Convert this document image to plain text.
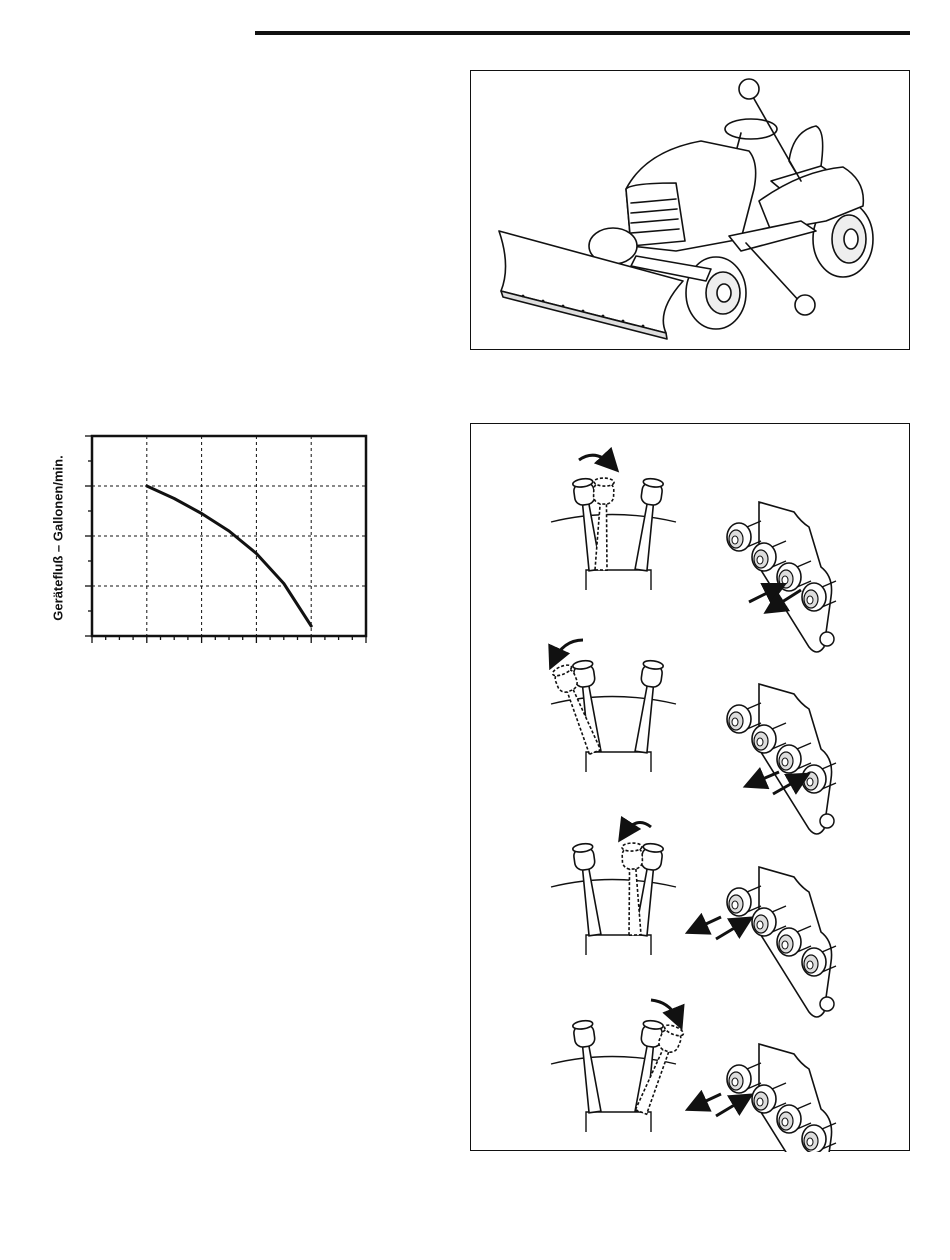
Geräteﬂuß – Gallonen/min.
